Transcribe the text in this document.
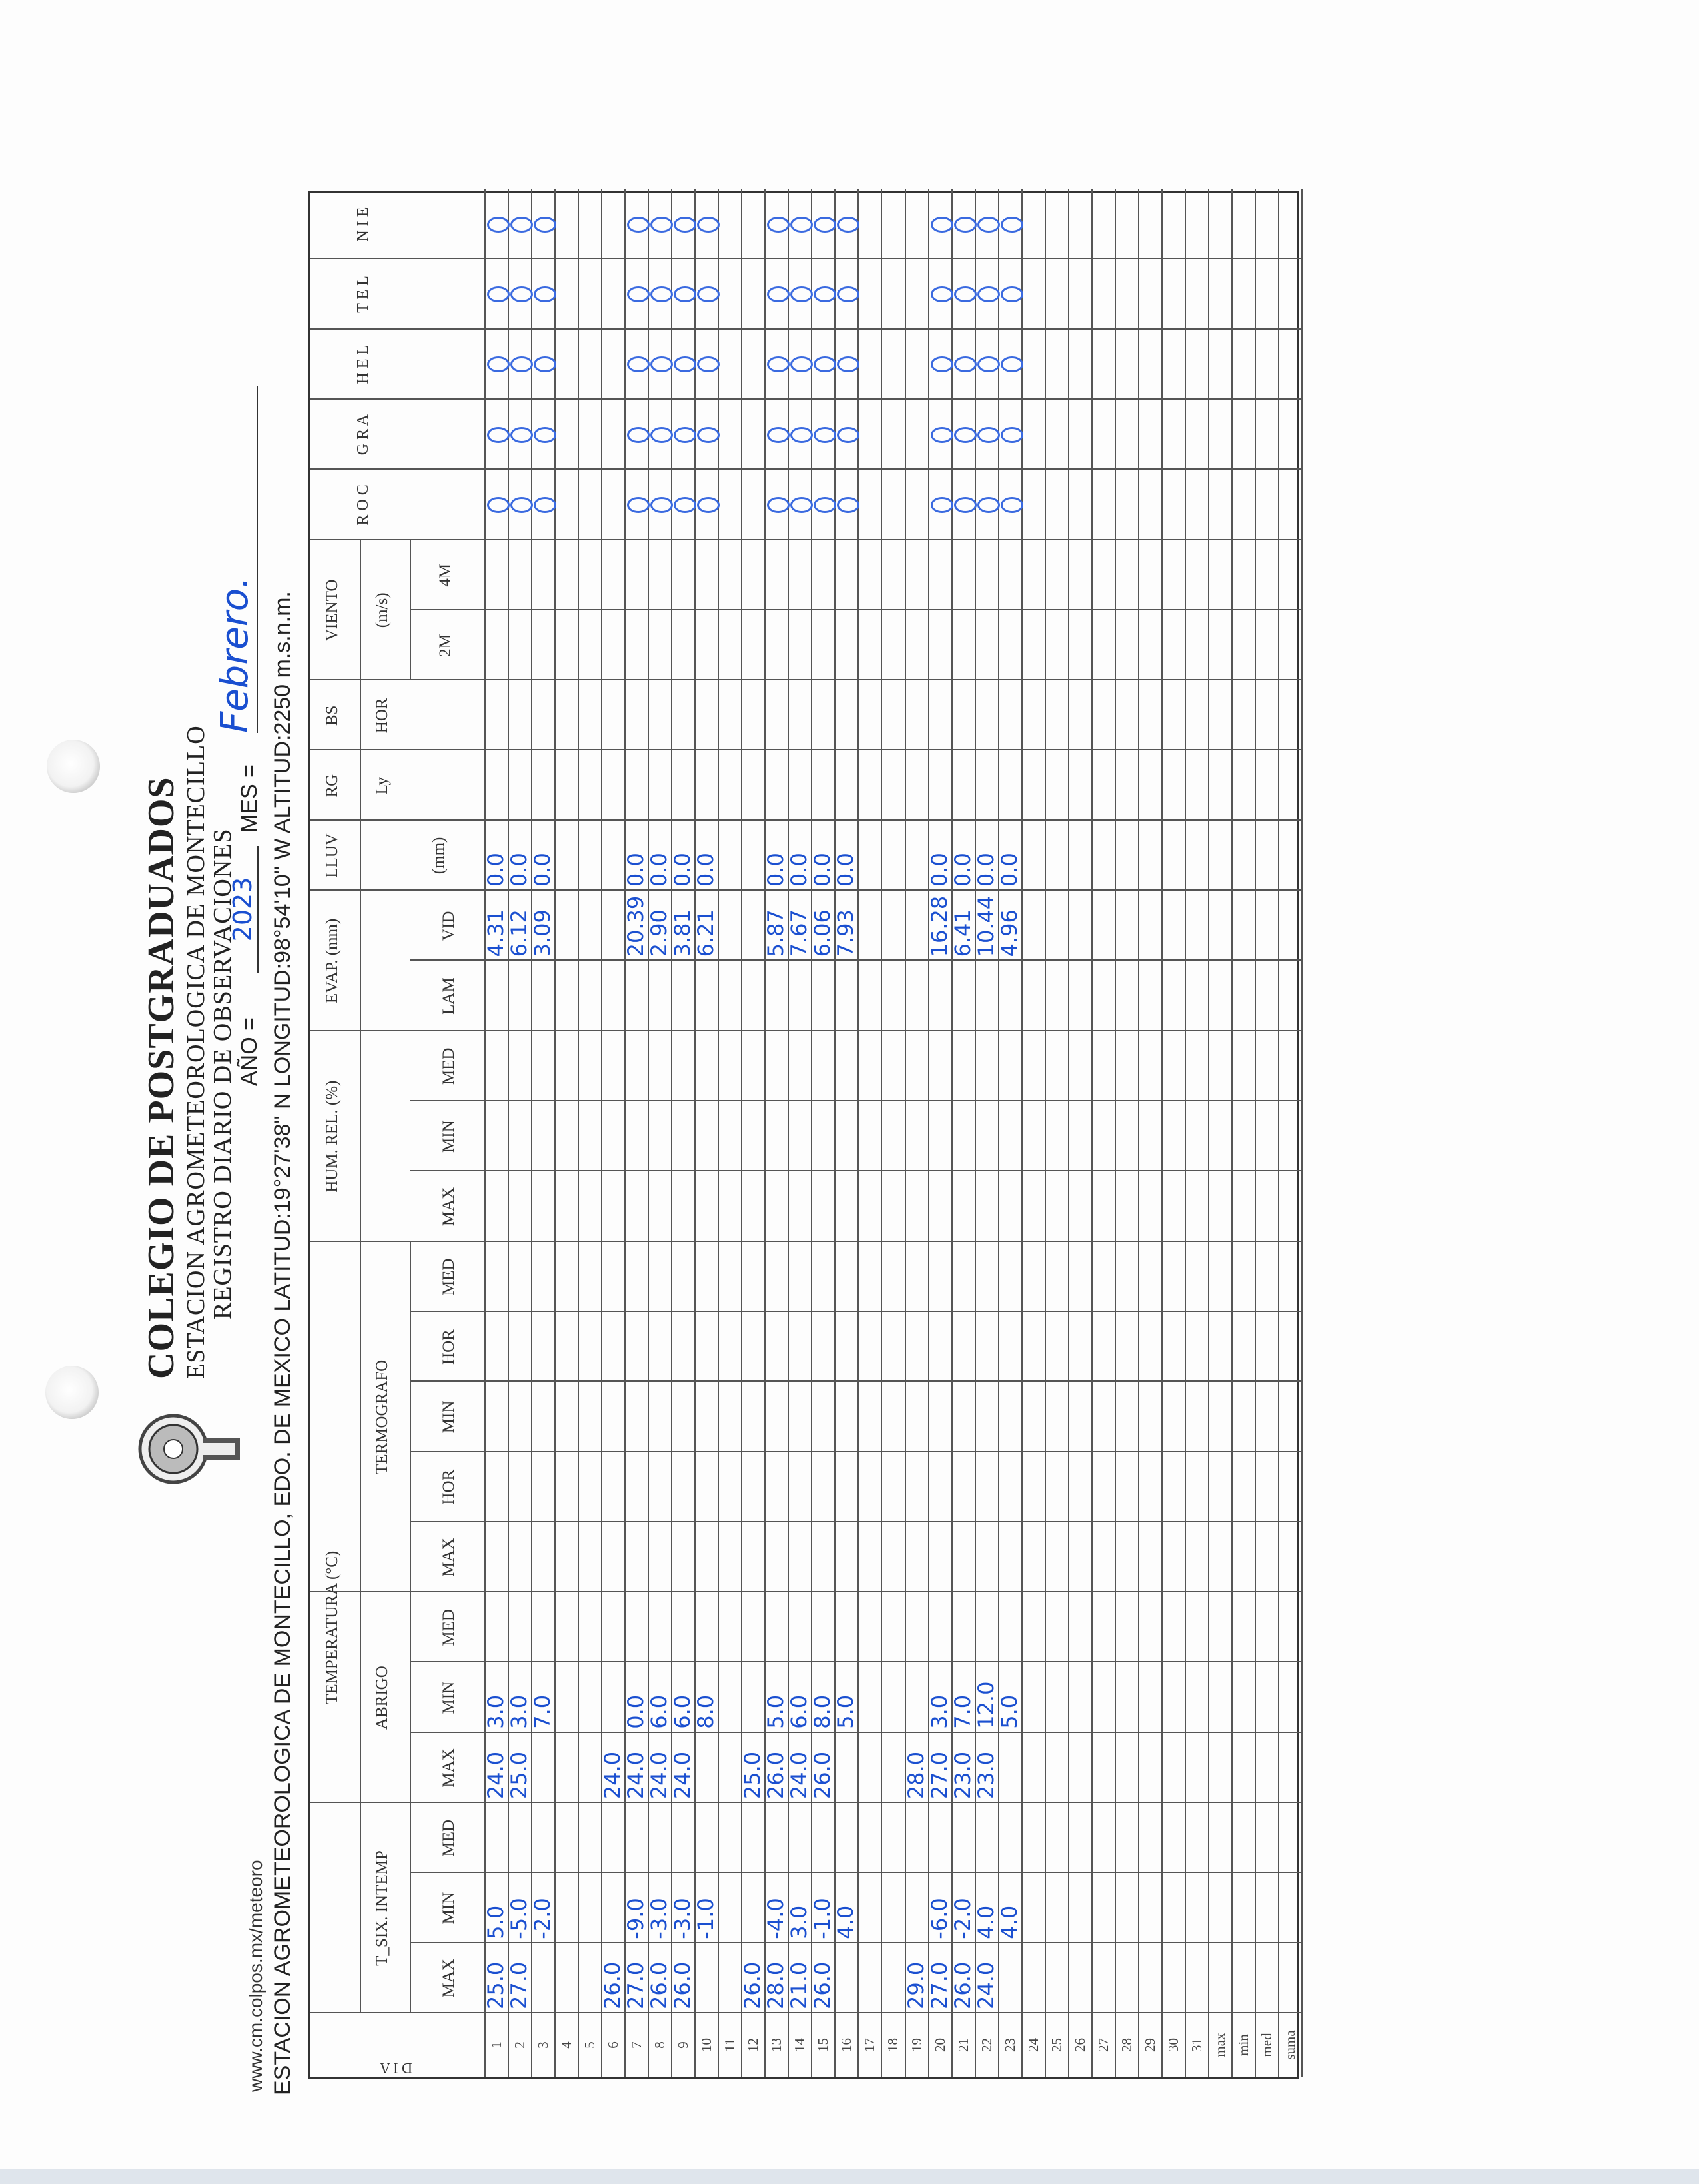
COLEGIO DE POSTGRADUADOS ESTACION AGROMETEOROLOGICA DE MONTECILLO
REGISTRO DIARIO DE OBSERVACIONES AÑO =
2023
MES =
Febrero.
www.cm.colpos.mx/meteoro ESTACION AGROMETEOROLOGICA DE MONTECILLO, EDO. DE MEXICO LATITUD:19°27'38" N LONGITUD:98°54'10" W ALTITUD:2250 m.s.n.m.	D I A
TEMPERATURA (°C)
T_SIX. INTEMP
ABRIGO
TERMOGRAFO
HUM. REL. (%)
EVAP. (mm)
LLUV	(mm)
RG Ly
BS HOR
VIENTO (m/s)
2M
4M
R O C
G R A
H E L
T E L
N I E
MAX
MIN
MED
MAX
MIN
MED
MAX
HOR
MIN
HOR
MED
MAX
MIN
MED
LAM
VID
1 2 3 4 5 6 7 8 9 10 11 12 13 14 15 16 17 18 19 20 21 22 23 24 25 26 27 28 29 30 31 max min med suma
25.0
5.0
24.0
3.0
4.31
0.0
27.0
-5.0
25.0
3.0
6.12
0.0
-2.0
7.0
3.09
0.0
26.0
24.0
27.0
-9.0
24.0
0.0
20.39
0.0
26.0
-3.0
24.0
6.0
2.90
0.0
26.0
-3.0
24.0
6.0
3.81
0.0
-1.0
8.0
6.21
0.0
26.0
25.0
28.0
-4.0
26.0
5.0
5.87
0.0
21.0
3.0
24.0
6.0
7.67
0.0
26.0
-1.0
26.0
8.0
6.06
0.0
4.0
5.0
7.93
0.0
29.0
28.0
27.0
-6.0
27.0
3.0
16.28
0.0
26.0
-2.0
23.0
7.0
6.41
0.0
24.0
4.0
23.0
12.0
10.44
0.0
4.0
5.0
4.96
0.0
